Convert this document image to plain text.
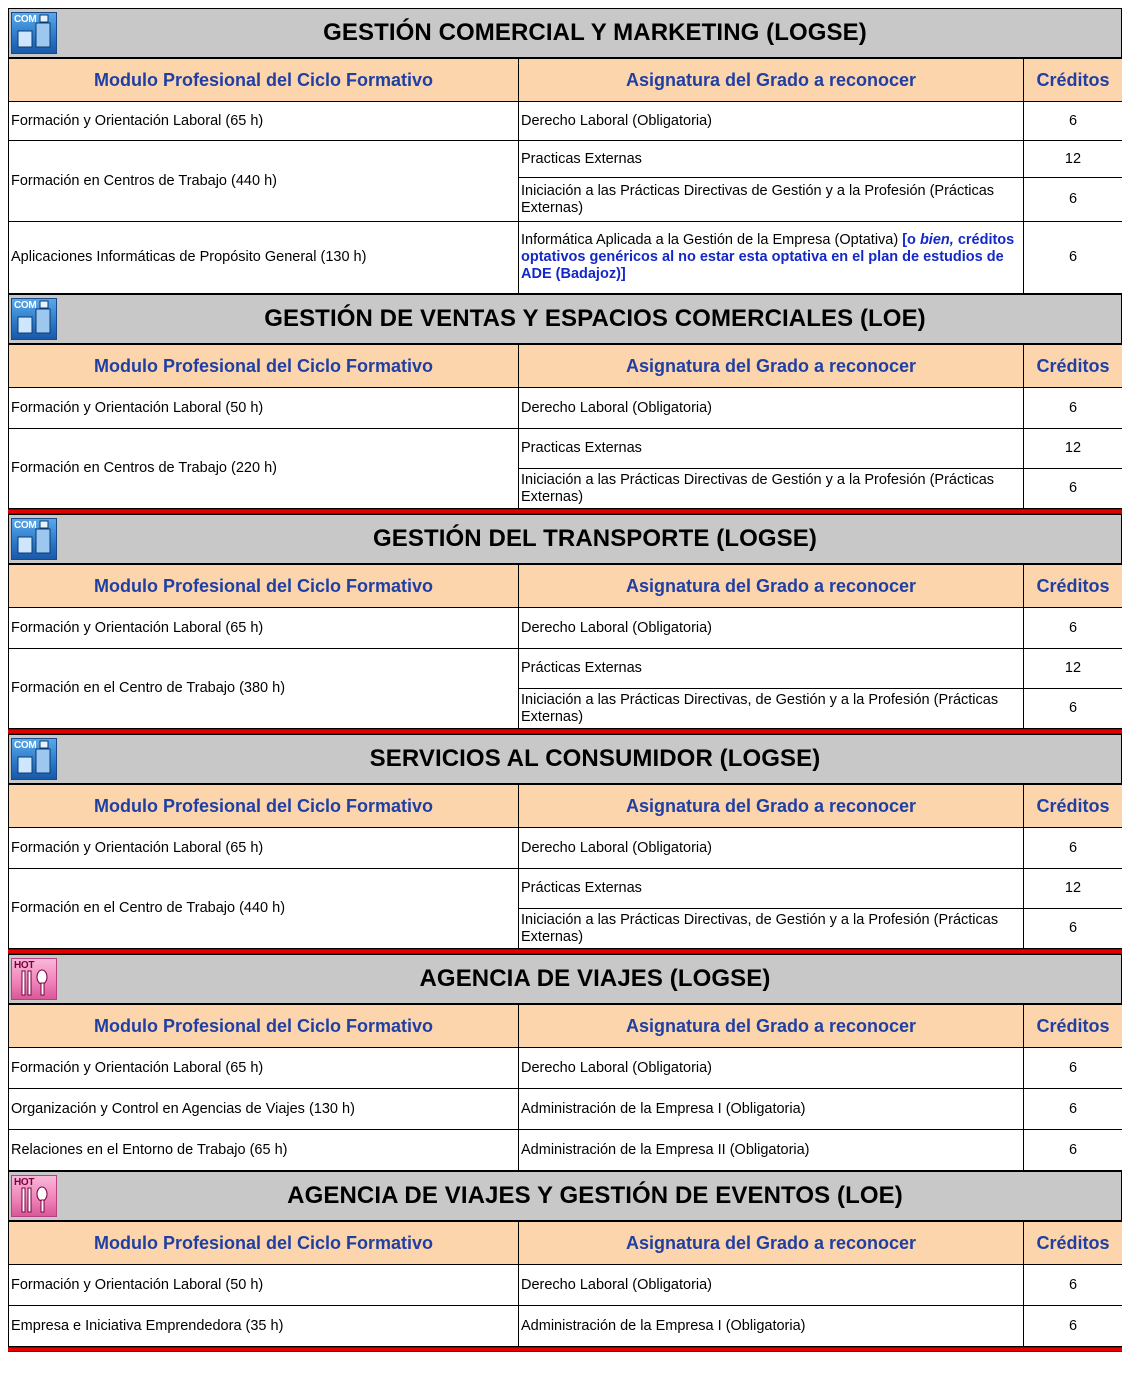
COM	GESTIÓN COMERCIAL Y MARKETING (LOGSE)
Modulo Profesional del Ciclo Formativo	Asignatura del Grado a reconocer	Créditos
Formación y Orientación Laboral (65 h)	Derecho Laboral (Obligatoria)	6
Formación en Centros de Trabajo (440 h)	Practicas Externas	12
	Iniciación a las Prácticas Directivas de Gestión y a la Profesión (Prácticas Externas)	6
Aplicaciones Informáticas de Propósito General (130 h)	Informática Aplicada a la Gestión de la Empresa (Optativa) [o bien, créditos optativos genéricos al no estar esta optativa en el plan de estudios de ADE (Badajoz)]	6
COM	GESTIÓN DE VENTAS Y ESPACIOS COMERCIALES (LOE)
Modulo Profesional del Ciclo Formativo	Asignatura del Grado a reconocer	Créditos
Formación y Orientación Laboral (50 h)	Derecho Laboral (Obligatoria)	6
Formación en Centros de Trabajo (220 h)	Practicas Externas	12
	Iniciación a las Prácticas Directivas de Gestión y a la Profesión (Prácticas Externas)	6
COM	GESTIÓN DEL TRANSPORTE (LOGSE)
Modulo Profesional del Ciclo Formativo	Asignatura del Grado a reconocer	Créditos
Formación y Orientación Laboral (65 h)	Derecho Laboral (Obligatoria)	6
Formación en el Centro de Trabajo (380 h)	Prácticas Externas	12
	Iniciación a las Prácticas Directivas, de Gestión y a la Profesión (Prácticas Externas)	6
COM	SERVICIOS AL CONSUMIDOR (LOGSE)
Modulo Profesional del Ciclo Formativo	Asignatura del Grado a reconocer	Créditos
Formación y Orientación Laboral (65 h)	Derecho Laboral (Obligatoria)	6
Formación en el Centro de Trabajo (440 h)	Prácticas Externas	12
	Iniciación a las Prácticas Directivas, de Gestión y a la Profesión (Prácticas Externas)	6
HOT	AGENCIA DE VIAJES (LOGSE)
Modulo Profesional del Ciclo Formativo	Asignatura del Grado a reconocer	Créditos
Formación y Orientación Laboral (65 h)	Derecho Laboral (Obligatoria)	6
Organización y Control en Agencias de Viajes (130 h)	Administración de la Empresa I (Obligatoria)	6
Relaciones en el Entorno de Trabajo (65 h)	Administración de la Empresa II (Obligatoria)	6
HOT	AGENCIA DE VIAJES Y GESTIÓN DE EVENTOS (LOE)
Modulo Profesional del Ciclo Formativo	Asignatura del Grado a reconocer	Créditos
Formación y Orientación Laboral (50 h)	Derecho Laboral (Obligatoria)	6
Empresa e Iniciativa Emprendedora (35 h)	Administración de la Empresa I (Obligatoria)	6
